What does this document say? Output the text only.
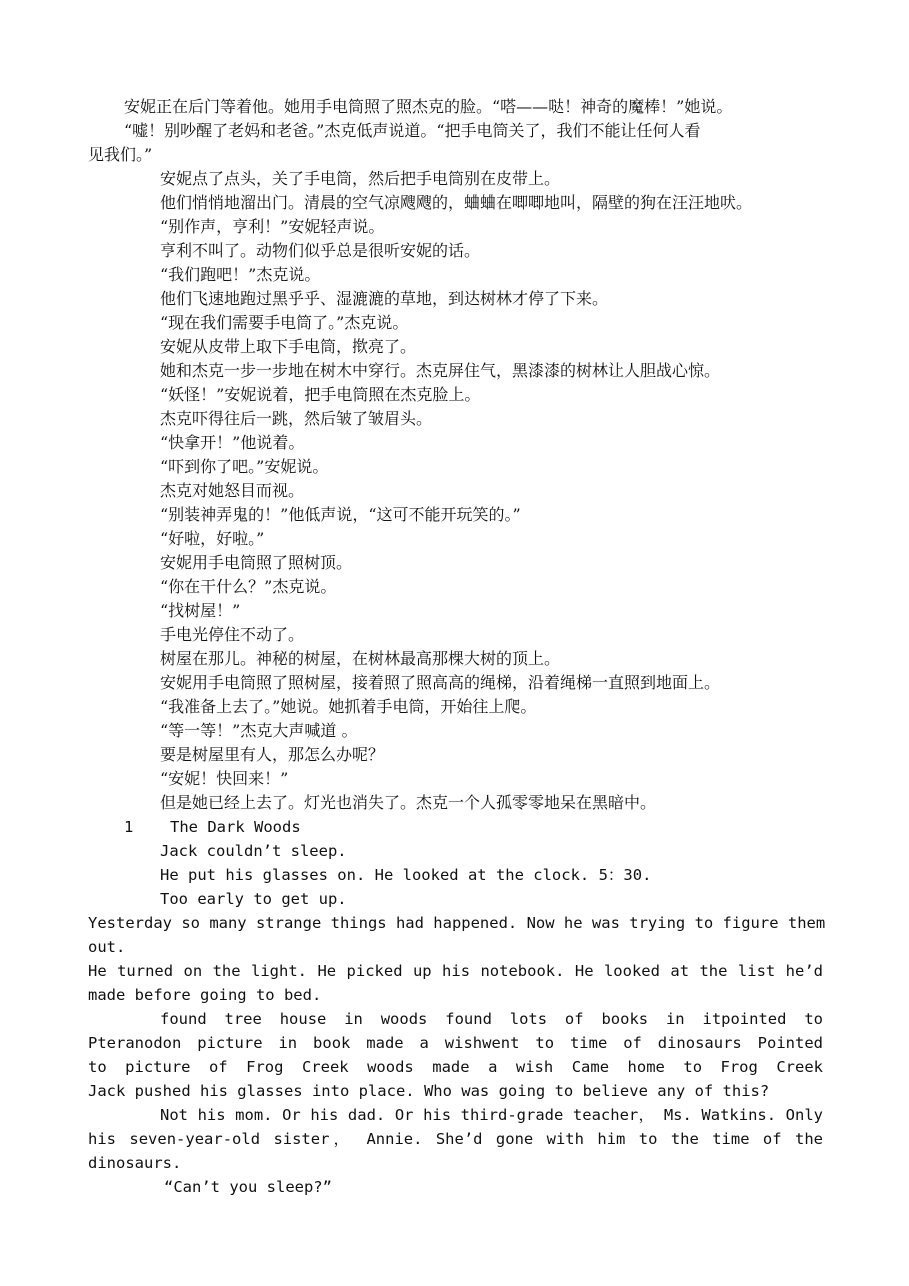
安妮正在后门等着他。她用手电筒照了照杰克的脸。“嗒——哒！神奇的魔棒！”她说。
“嘘！别吵醒了老妈和老爸。”杰克低声说道。“把手电筒关了，我们不能让任何人看
见我们。”
安妮点了点头，关了手电筒，然后把手电筒别在皮带上。
他们悄悄地溜出门。清晨的空气凉飕飕的，蛐蛐在唧唧地叫，隔壁的狗在汪汪地吠。
“别作声，亨利！”安妮轻声说。
亨利不叫了。动物们似乎总是很听安妮的话。
“我们跑吧！”杰克说。
他们飞速地跑过黑乎乎、湿漉漉的草地，到达树林才停了下来。
“现在我们需要手电筒了。”杰克说。
安妮从皮带上取下手电筒，揿亮了。
她和杰克一步一步地在树木中穿行。杰克屏住气，黑漆漆的树林让人胆战心惊。
“妖怪！”安妮说着，把手电筒照在杰克脸上。
杰克吓得往后一跳，然后皱了皱眉头。
“快拿开！”他说着。
“吓到你了吧。”安妮说。
杰克对她怒目而视。
“别装神弄鬼的！”他低声说，“这可不能开玩笑的。”
“好啦，好啦。”
安妮用手电筒照了照树顶。
“你在干什么？”杰克说。
“找树屋！”
手电光停住不动了。
树屋在那儿。神秘的树屋，在树林最高那棵大树的顶上。
安妮用手电筒照了照树屋，接着照了照高高的绳梯，沿着绳梯一直照到地面上。
“我准备上去了。”她说。她抓着手电筒，开始往上爬。
“等一等！”杰克大声喊道 。
要是树屋里有人，那怎么办呢？
“安妮！快回来！”
但是她已经上去了。灯光也消失了。杰克一个人孤零零地呆在黑暗中。
1 The Dark Woods
Jack couldn’t sleep.
He put his glasses on. He looked at the clock. 5：30.
Too early to get up.
Yesterday so many strange things had happened. Now he was trying to figure them
out.
He turned on the light. He picked up his notebook. He looked at the list he’d
made before going to bed.
found tree house in woods found lots of books in itpointed to
Pteranodon picture in book made a wishwent to time of dinosaurs Pointed
to picture of Frog Creek woods made a wish Came home to Frog Creek
Jack pushed his glasses into place. Who was going to believe any of this?
Not his mom. Or his dad. Or his third-grade teacher， Ms. Watkins. Only
his seven-year-old sister， Annie. She’d gone with him to the time of the
dinosaurs.
“Can’t you sleep?”
